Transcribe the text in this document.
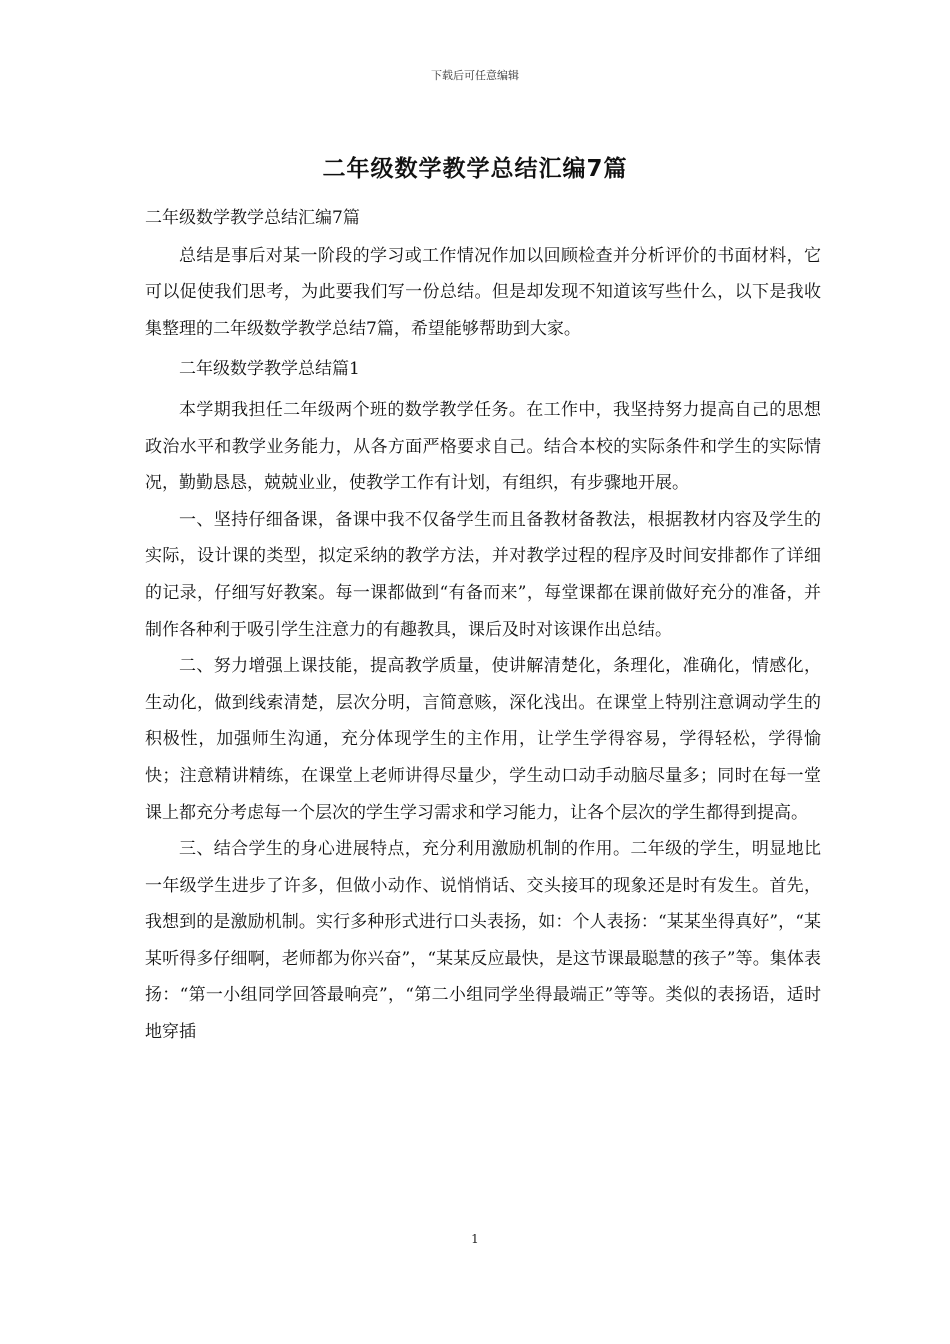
下载后可任意编辑
二年级数学教学总结汇编7篇

二年级数学教学总结汇编7篇

总结是事后对某一阶段的学习或工作情况作加以回顾检查并分析评价的书面材料，它可以促使我们思考，为此要我们写一份总结。但是却发现不知道该写些什么，以下是我收集整理的二年级数学教学总结7篇，希望能够帮助到大家。

二年级数学教学总结篇1

本学期我担任二年级两个班的数学教学任务。在工作中，我坚持努力提高自己的思想政治水平和教学业务能力，从各方面严格要求自己。结合本校的实际条件和学生的实际情况，勤勤恳恳，兢兢业业，使教学工作有计划，有组织，有步骤地开展。

一、坚持仔细备课，备课中我不仅备学生而且备教材备教法，根据教材内容及学生的实际，设计课的类型，拟定采纳的教学方法，并对教学过程的程序及时间安排都作了详细的记录，仔细写好教案。每一课都做到“有备而来”，每堂课都在课前做好充分的准备，并制作各种利于吸引学生注意力的有趣教具，课后及时对该课作出总结。

二、努力增强上课技能，提高教学质量，使讲解清楚化，条理化，准确化，情感化，生动化，做到线索清楚，层次分明，言简意赅，深化浅出。在课堂上特别注意调动学生的积极性，加强师生沟通，充分体现学生的主作用，让学生学得容易，学得轻松，学得愉快；注意精讲精练，在课堂上老师讲得尽量少，学生动口动手动脑尽量多；同时在每一堂课上都充分考虑每一个层次的学生学习需求和学习能力，让各个层次的学生都得到提高。

三、结合学生的身心进展特点，充分利用激励机制的作用。二年级的学生，明显地比一年级学生进步了许多，但做小动作、说悄悄话、交头接耳的现象还是时有发生。首先，我想到的是激励机制。实行多种形式进行口头表扬，如：个人表扬：“某某坐得真好”，“某某听得多仔细啊，老师都为你兴奋”，“某某反应最快，是这节课最聪慧的孩子”等。集体表扬：“第一小组同学回答最响亮”，“第二小组同学坐得最端正”等等。类似的表扬语，适时地穿插

1
